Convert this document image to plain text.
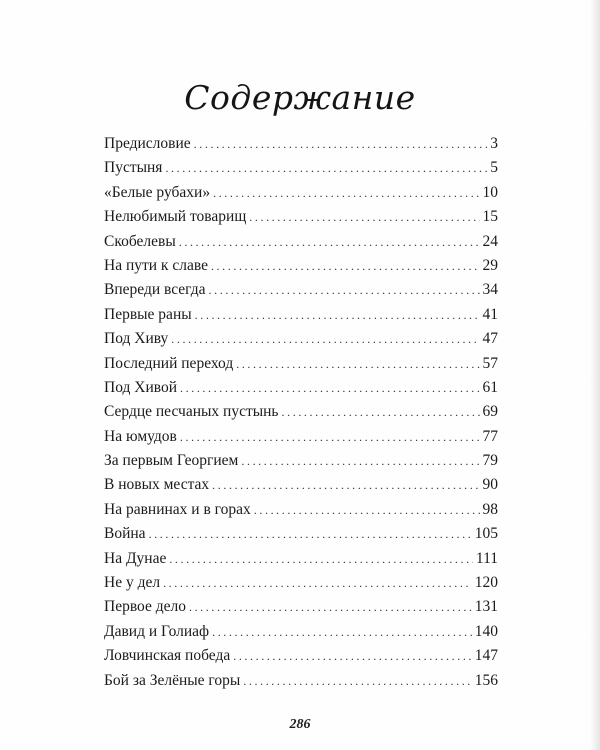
Содержание
Предисловие .....	3
Пустыня .....	5
«Белые рубахи» .....	10
Нелюбимый товарищ .....	15
Скобелевы .....	24
На пути к славе .....	29
Впереди всегда .....	34
Первые раны .....	41
Под Хиву .....	47
Последний переход .....	57
Под Хивой .....	61
Сердце песчаных пустынь .....	69
На юмудов .....	77
За первым Георгием .....	79
В новых местах .....	90
На равнинах и в горах .....	98
Война .....	105
На Дунае .....	111
Не у дел .....	120
Первое дело .....	131
Давид и Голиаф .....	140
Ловчинская победа .....	147
Бой за Зелёные горы .....	156
286
